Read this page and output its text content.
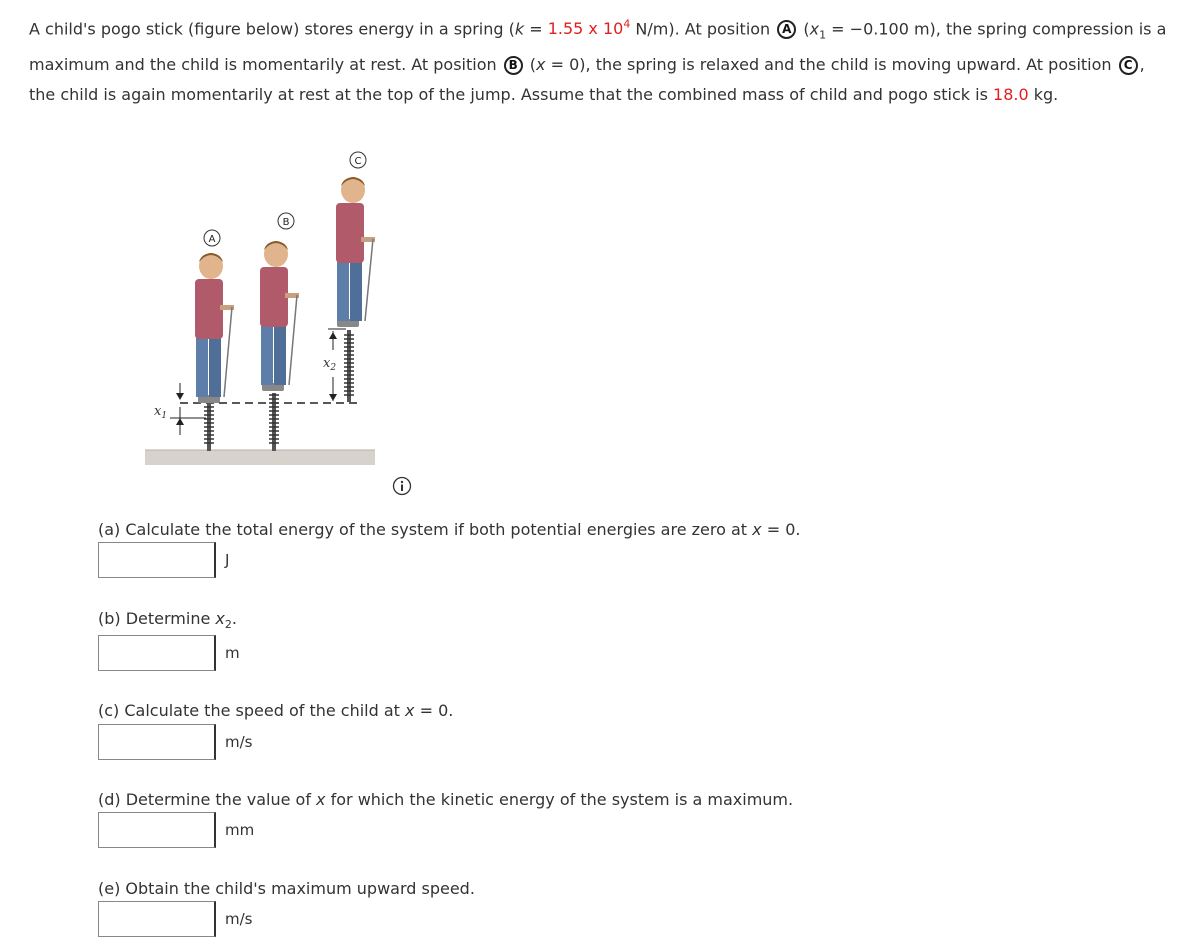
A child's pogo stick (figure below) stores energy in a spring (k = 1.55 x $10^4$ N/m). At position A ($x_1 = -0.100$ m), the spring compression is a maximum and the child is momentarily at rest. At position B (x = 0), the spring is relaxed and the child is moving upward. At position C , the child is again momentarily at rest at the top of the jump. Assume that the combined mass of child and pogo stick is 18.0 kg.
A
B
C
$x_1$
$x_2$
(a) Calculate the total energy of the system if both potential energies are zero at x = 0.
J
(b) Determine $x_2$.
m
(c) Calculate the speed of the child at x = 0.
m/s
(d) Determine the value of x for which the kinetic energy of the system is a maximum.
mm
(e) Obtain the child's maximum upward speed.
m/s
